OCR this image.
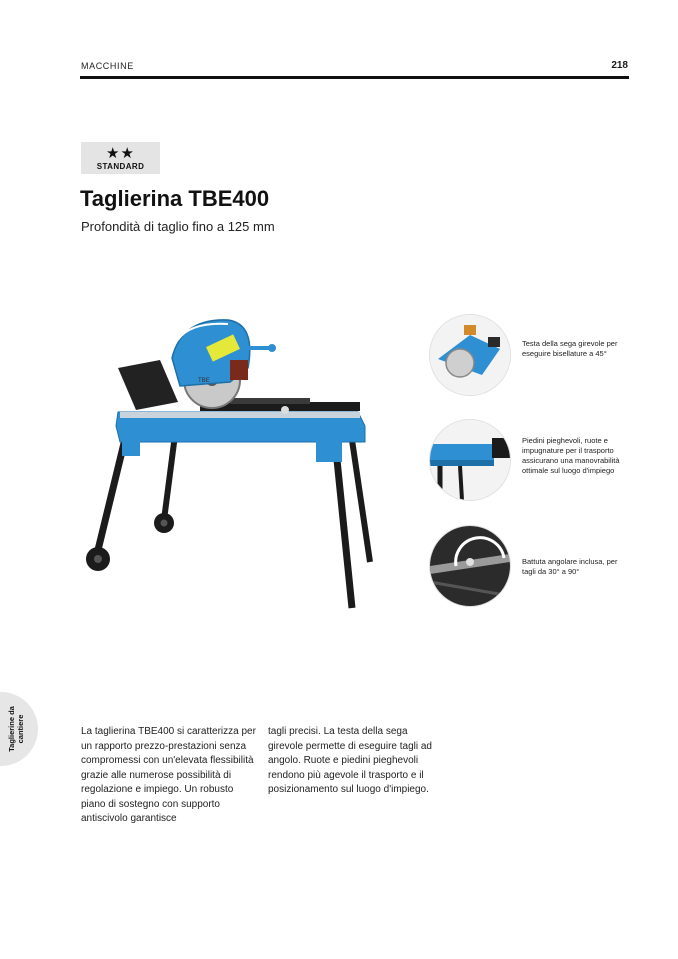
MACCHINE	218
★★
STANDARD
Taglierina TBE400
Profondità di taglio fino a 125 mm
TBE
Testa della sega girevole per eseguire bisellature a 45°
Piedini pieghevoli, ruote e impugnature per il trasporto assicurano una manovrabilità ottimale sul luogo d'impiego
Battuta angolare inclusa, per tagli da 30° a 90°
Taglierine da cantiere	La taglierina TBE400 si caratterizza per un rapporto prezzo-prestazioni senza compromessi con un'elevata flessibilità grazie alle numerose possibilità di regolazione e impiego. Un robusto piano di sostegno con supporto antiscivolo garantisce
tagli precisi. La testa della sega girevole permette di eseguire tagli ad angolo. Ruote e piedini pieghevoli rendono più agevole il trasporto e il posizionamento sul luogo d'impiego.
